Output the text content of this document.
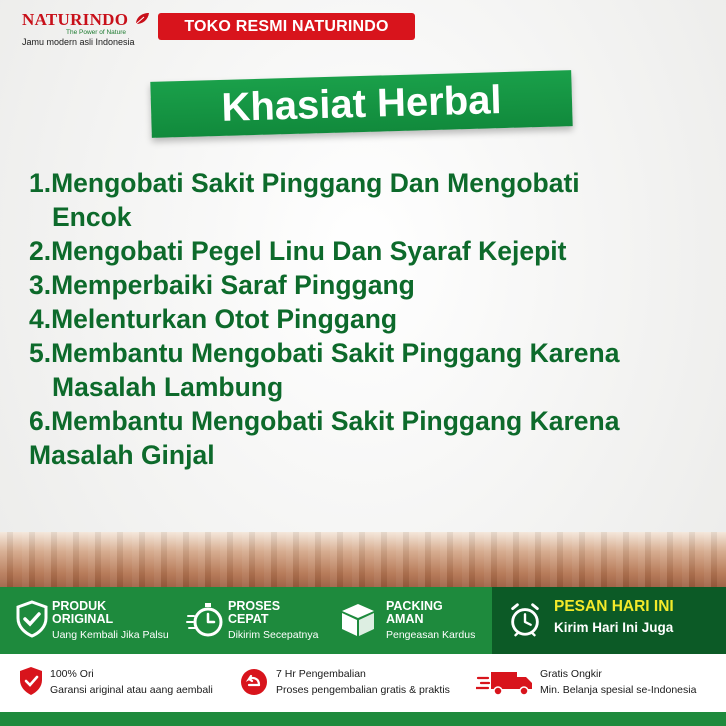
NATURINDO
The Power of Nature
Jamu modern asli Indonesia
TOKO RESMI NATURINDO
Khasiat Herbal

1.Mengobati Sakit Pinggang Dan Mengobati
Encok

2.Mengobati Pegel Linu Dan Syaraf Kejepit

3.Memperbaiki Saraf Pinggang

4.Melenturkan Otot Pinggang

5.Membantu Mengobati Sakit Pinggang Karena
Masalah Lambung

6.Membantu Mengobati Sakit Pinggang Karena
Masalah Ginjal

PRODUK
ORIGINAL
Uang Kembali Jika Palsu
PROSES
CEPAT
Dikirim Secepatnya
PACKING
AMAN
Pengeasan Kardus
PESAN HARI INI
Kirim Hari Ini Juga
100% Ori
Garansi ariginal atau aang aembali
7 Hr Pengembalian
Proses pengembalian gratis & praktis
Gratis Ongkir
Min. Belanja spesial se-Indonesia
